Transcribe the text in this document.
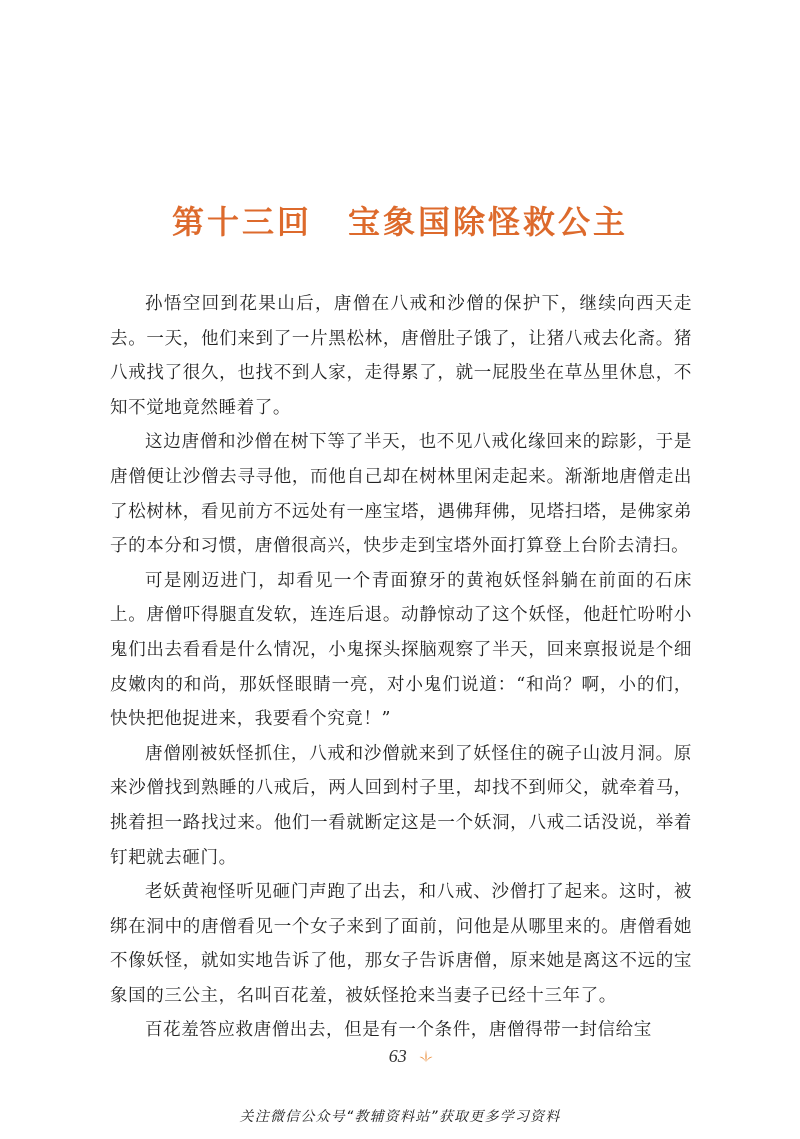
第十三回 宝象国除怪救公主

孙悟空回到花果山后，唐僧在八戒和沙僧的保护下，继续向西天走去。一天，他们来到了一片黑松林，唐僧肚子饿了，让猪八戒去化斋。猪八戒找了很久，也找不到人家，走得累了，就一屁股坐在草丛里休息，不知不觉地竟然睡着了。

这边唐僧和沙僧在树下等了半天，也不见八戒化缘回来的踪影，于是唐僧便让沙僧去寻寻他，而他自己却在树林里闲走起来。渐渐地唐僧走出了松树林，看见前方不远处有一座宝塔，遇佛拜佛，见塔扫塔，是佛家弟子的本分和习惯，唐僧很高兴，快步走到宝塔外面打算登上台阶去清扫。

可是刚迈进门，却看见一个青面獠牙的黄袍妖怪斜躺在前面的石床上。唐僧吓得腿直发软，连连后退。动静惊动了这个妖怪，他赶忙吩咐小鬼们出去看看是什么情况，小鬼探头探脑观察了半天，回来禀报说是个细皮嫩肉的和尚，那妖怪眼睛一亮，对小鬼们说道：“和尚？啊，小的们，快快把他捉进来，我要看个究竟！”

唐僧刚被妖怪抓住，八戒和沙僧就来到了妖怪住的碗子山波月洞。原来沙僧找到熟睡的八戒后，两人回到村子里，却找不到师父，就牵着马，挑着担一路找过来。他们一看就断定这是一个妖洞，八戒二话没说，举着钉耙就去砸门。

老妖黄袍怪听见砸门声跑了出去，和八戒、沙僧打了起来。这时，被绑在洞中的唐僧看见一个女子来到了面前，问他是从哪里来的。唐僧看她不像妖怪，就如实地告诉了他，那女子告诉唐僧，原来她是离这不远的宝象国的三公主，名叫百花羞，被妖怪抢来当妻子已经十三年了。

百花羞答应救唐僧出去，但是有一个条件，唐僧得带一封信给宝

63
关注微信公众号“教辅资料站”获取更多学习资料
